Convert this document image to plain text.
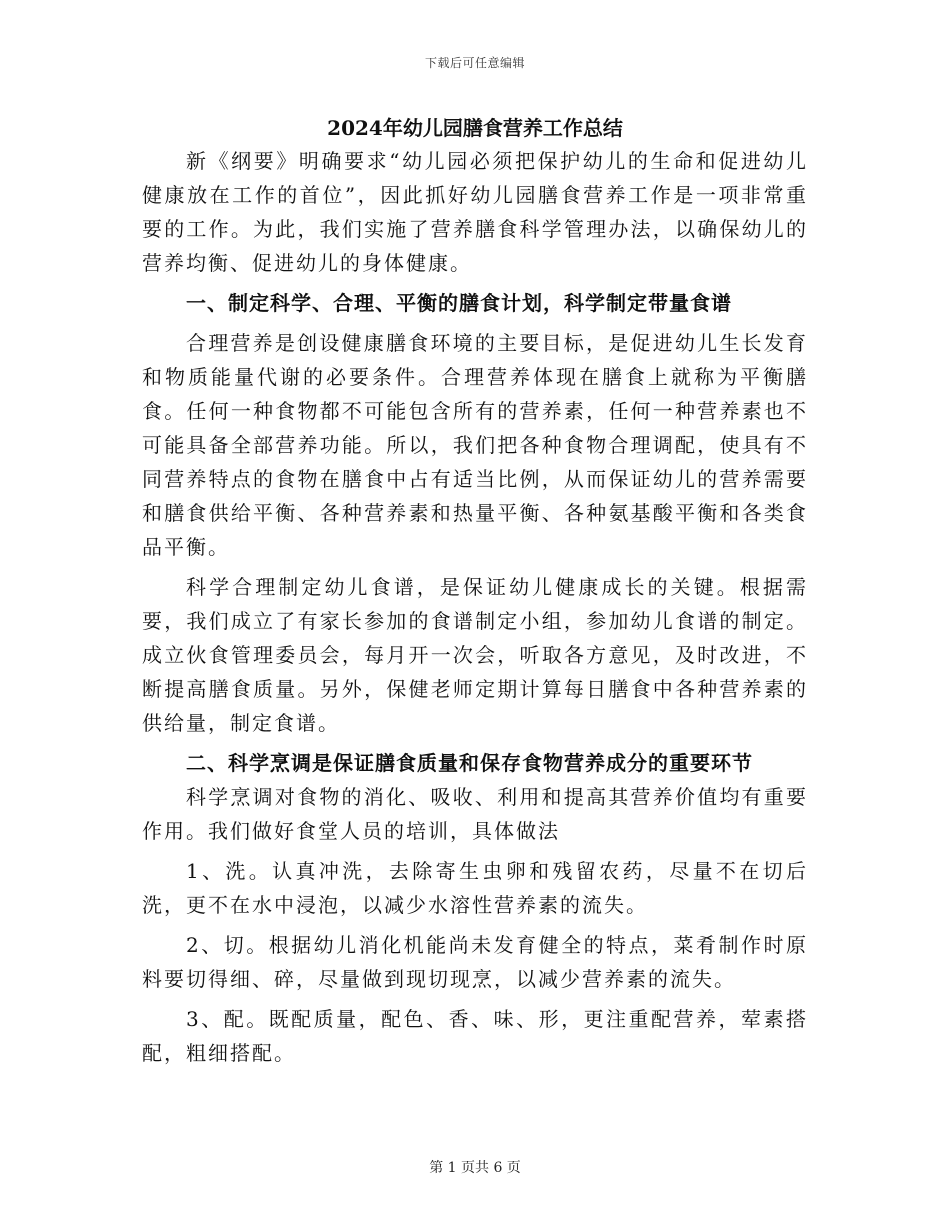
下载后可任意编辑
2024年幼儿园膳食营养工作总结

新《纲要》明确要求“幼儿园必须把保护幼儿的生命和促进幼儿健康放在工作的首位”，因此抓好幼儿园膳食营养工作是一项非常重要的工作。为此，我们实施了营养膳食科学管理办法，以确保幼儿的营养均衡、促进幼儿的身体健康。

一、制定科学、合理、平衡的膳食计划，科学制定带量食谱

合理营养是创设健康膳食环境的主要目标，是促进幼儿生长发育和物质能量代谢的必要条件。合理营养体现在膳食上就称为平衡膳食。任何一种食物都不可能包含所有的营养素，任何一种营养素也不可能具备全部营养功能。所以，我们把各种食物合理调配，使具有不同营养特点的食物在膳食中占有适当比例，从而保证幼儿的营养需要和膳食供给平衡、各种营养素和热量平衡、各种氨基酸平衡和各类食品平衡。

科学合理制定幼儿食谱，是保证幼儿健康成长的关键。根据需要，我们成立了有家长参加的食谱制定小组，参加幼儿食谱的制定。成立伙食管理委员会，每月开一次会，听取各方意见，及时改进，不断提高膳食质量。另外，保健老师定期计算每日膳食中各种营养素的供给量，制定食谱。

二、科学烹调是保证膳食质量和保存食物营养成分的重要环节

科学烹调对食物的消化、吸收、利用和提高其营养价值均有重要作用。我们做好食堂人员的培训，具体做法

1、洗。认真冲洗，去除寄生虫卵和残留农药，尽量不在切后洗，更不在水中浸泡，以减少水溶性营养素的流失。

2、切。根据幼儿消化机能尚未发育健全的特点，菜肴制作时原料要切得细、碎，尽量做到现切现烹，以减少营养素的流失。

3、配。既配质量，配色、香、味、形，更注重配营养，荤素搭配，粗细搭配。

第 1 页共 6 页
